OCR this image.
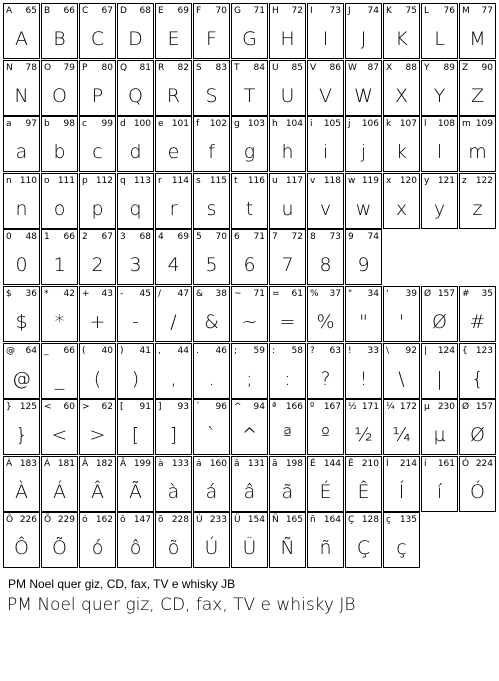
A 65
A
B 66
B
C 67
C
D 68
D
E 69
E
F 70
F
G 71
G
H 72
H
I 73
I
J 74
J
K 75
K
L 76
L
M 77
M
N 78
N
O 79
O
P 80
P
Q 81
Q
R 82
R
S 83
S
T 84
T
U 85
U
V 86
V
W 87
W
X 88
X
Y 89
Y
Z 90
Z
a 97
a
b 98
b
c 99
c
d 100
d
e 101
e
f 102
f
g 103
g
h 104
h
i 105
i
j 106
j
k 107
k
l 108
l
m 109
m
n 110
n
o 111
o
p 112
p
q 113
q
r 114
r
s 115
s
t 116
t
u 117
u
v 118
v
w 119
w
x 120
x
y 121
y
z 122
z
0 48
0
1 66
1
2 67
2
3 68
3
4 69
4
5 70
5
6 71
6
7 72
7
8 73
8
9 74
9
$ 36
$
* 42
*
+ 43
+
- 45
-
/ 47
/
& 38
&
~ 71
~
= 61
=
% 37
%
" 34
"
' 39
'
Ø 157
Ø
# 35
#
@ 64
@
_ 66
_
( 40
(
) 41
)
, 44
,
. 46
.
; 59
;
: 58
:
? 63
?
! 33
!
\ 92
\
| 124
|
{ 123
{
} 125
}
< 60
<
> 62
>
[ 91
[
] 93
]
` 96
`
^ 94
^
ª 166
ª
º 167
º
½ 171
½
¼ 172
¼
µ 230
µ
Ø 157
Ø
À 183
À
Á 181
Á
Â 182
Â
Ã 199
Ã
à 133
à
á 160
á
â 131
â
ã 198
ã
É 144
É
Ê 210
Ê
Í 214
Í
í 161
í
Ó 224
Ó
Ô 226
Ô
Õ 229
Õ
ó 162
ó
ô 147
ô
õ 228
õ
Ú 233
Ú
Ü 154
Ü
Ñ 165
Ñ
ñ 164
ñ
Ç 128
Ç
ç 135
ç
PM Noel quer giz, CD, fax, TV e whisky JB
PM Noel quer giz, CD, fax, TV e whisky JB
